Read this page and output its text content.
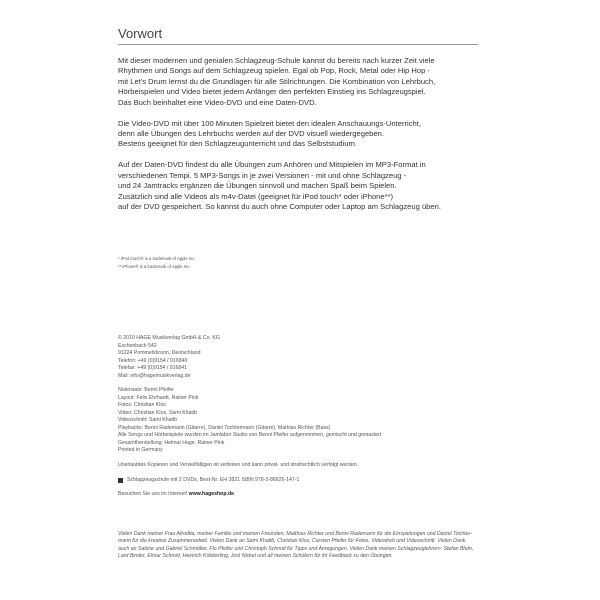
Vorwort

Mit dieser modernen und genialen Schlagzeug-Schule kannst du bereits nach kurzer Zeit viele
Rhythmen und Songs auf dem Schlagzeug spielen. Egal ob Pop, Rock, Metal oder Hip Hop -
mit Let's Drum lernst du die Grundlagen für alle Stilrichtungen. Die Kombination von Lehrbuch,
Hörbeispielen und Video bietet jedem Anfänger den perfekten Einstieg ins Schlagzeugspiel.
Das Buch beinhaltet eine Video-DVD und eine Daten-DVD.

Die Video-DVD mit über 100 Minuten Spielzeit bietet den idealen Anschauungs-Unterricht,
denn alle Übungen des Lehrbuchs werden auf der DVD visuell wiedergegeben.
Bestens geeignet für den Schlagzeugunterricht und das Selbststudium.

Auf der Daten-DVD findest du alle Übungen zum Anhören und Mitspielen im MP3-Format in
verschiedenen Tempi. 5 MP3-Songs in je zwei Versionen - mit und ohne Schlagzeug -
und 24 Jamtracks ergänzen die Übungen sinnvoll und machen Spaß beim Spielen.
Zusätzlich sind alle Videos als m4v-Datei (geeignet für iPod touch* oder iPhone**)
auf der DVD gespeichert. So kannst du auch ohne Computer oder Laptop am Schlagzeug üben.

* iPod touch® is a trademark of Apple Inc.
** iPhone® is a trademark of Apple Inc.
© 2010 HAGE Musikverlag GmbH & Co. KG
Eschenbach 542
91224 Pommelsbrunn, Deutschland
Telefon: +49 (0)9154 / 916840
Telefax: +49 (0)9154 / 916841
Mail: info@hagemusikverlag.de
Notensatz: Benni Pfeifer
Layout: Felix Ehrhardt, Rainer Pink
Fotos: Christian Klos
Video: Christian Klos, Sami Khatib
Videoschnitt: Sami Khatib
Playbacks: Benni Rademann (Gitarre), Daniel Tochtermann (Gitarre), Mathias Richter (Bass)
Alle Songs und Hörbeispiele wurden im Jamlabor Studio von Benni Pfeifer aufgenommen, gemischt und gemastert
Gesamtherstellung: Helmut Hage, Rainer Pink
Printed in Germany
Unerlaubtes Kopieren und Vervielfältigen ist verboten und kann privat- und strafrechtlich verfolgt werden.
Schlagzeugschule mit 2 DVDs, Best-Nr. EH 3821 ISBN 978-3-86626-147-1
Besuchen Sie uns im Internet! www.hageshop.de
Vielen Dank meiner Frau Afrodita, meiner Familie und meinen Freunden, Matthias Richter und Benni Rademann für die Einspielungen und Daniel Tochter-
mann für die kreative Zusammenarbeit. Vielen Dank an Sami Khatib, Christian Klos, Carsten Pfeifer für Fotos, Videodreh und Videoschnitt. Vielen Dank
auch an Sabine und Gabriel Schmöller, Flo Pfeifer und Christoph Schmid für Tipps und Anregungen. Vielen Dank meinen Schlagzeuglehrern: Stefan Blum,
Lard Binder, Elmar Schmid, Heinrich Köbberling, Jost Nickel und all meinen Schülern für ihr Feedback zu den Übungen.
